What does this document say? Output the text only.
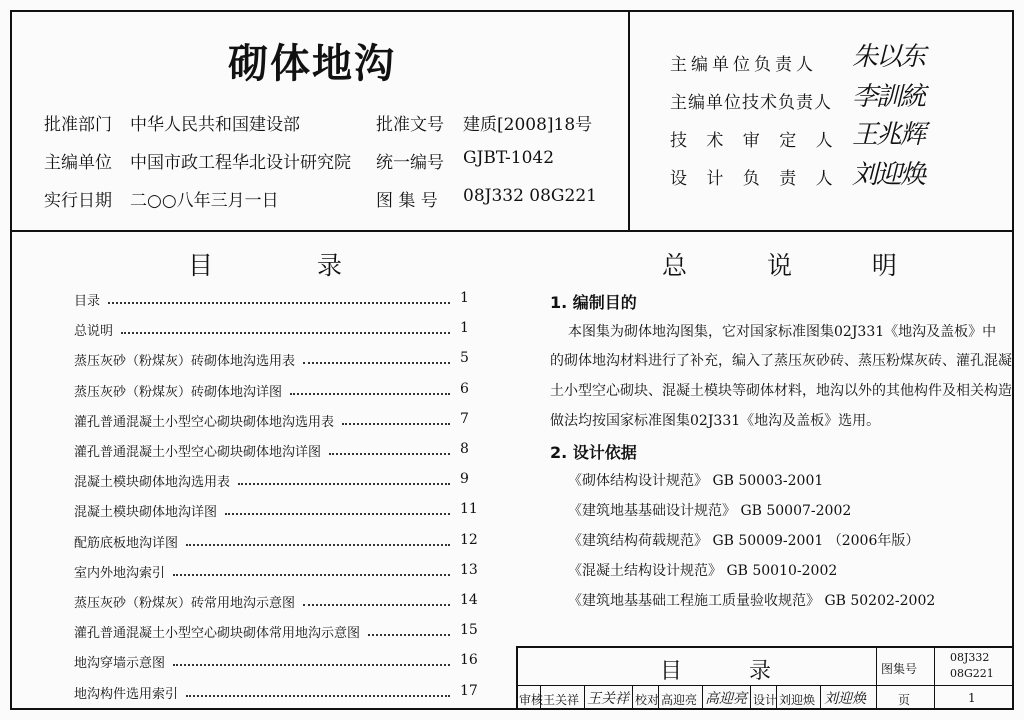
砌体地沟
批准部门 中华人民共和国建设部	批准文号 建质[2008]18号
主编单位 中国市政工程华北设计研究院 统一编号 GJBT-1042
实行日期 二○○八年三月一日	图 集 号 08J332 08G221
主编单位负责人 朱以东
主编单位技术负责人 李訓統
技 术 审 定 人 王兆辉
设 计 负 责 人 刘迎焕
目 录
目录	1
总说明	1
蒸压灰砂（粉煤灰）砖砌体地沟选用表	5
蒸压灰砂（粉煤灰）砖砌体地沟详图	6
灌孔普通混凝土小型空心砌块砌体地沟选用表	7
灌孔普通混凝土小型空心砌块砌体地沟详图	8
混凝土模块砌体地沟选用表	9
混凝土模块砌体地沟详图	11
配筋底板地沟详图	12
室内外地沟索引	13
蒸压灰砂（粉煤灰）砖常用地沟示意图	14
灌孔普通混凝土小型空心砌块砌体常用地沟示意图	15
地沟穿墙示意图	16
地沟构件选用索引	17
总 说 明
1. 编制目的
本图集为砌体地沟图集，它对国家标准图集02J331《地沟及盖板》中
的砌体地沟材料进行了补充，编入了蒸压灰砂砖、蒸压粉煤灰砖、灌孔混凝
土小型空心砌块、混凝土模块等砌体材料，地沟以外的其他构件及相关构造
做法均按国家标准图集02J331《地沟及盖板》选用。
2. 设计依据
《砌体结构设计规范》 GB 50003-2001
《建筑地基基础设计规范》 GB 50007-2002
《建筑结构荷载规范》 GB 50009-2001 （2006年版）
《混凝土结构设计规范》 GB 50010-2002
《建筑地基基础工程施工质量验收规范》 GB 50202-2002
目 录	图集号
08J332
08G221
审核 王关祥 王关祥 校对 高迎亮 高迎亮 设计 刘迎焕 刘迎焕	页	1
